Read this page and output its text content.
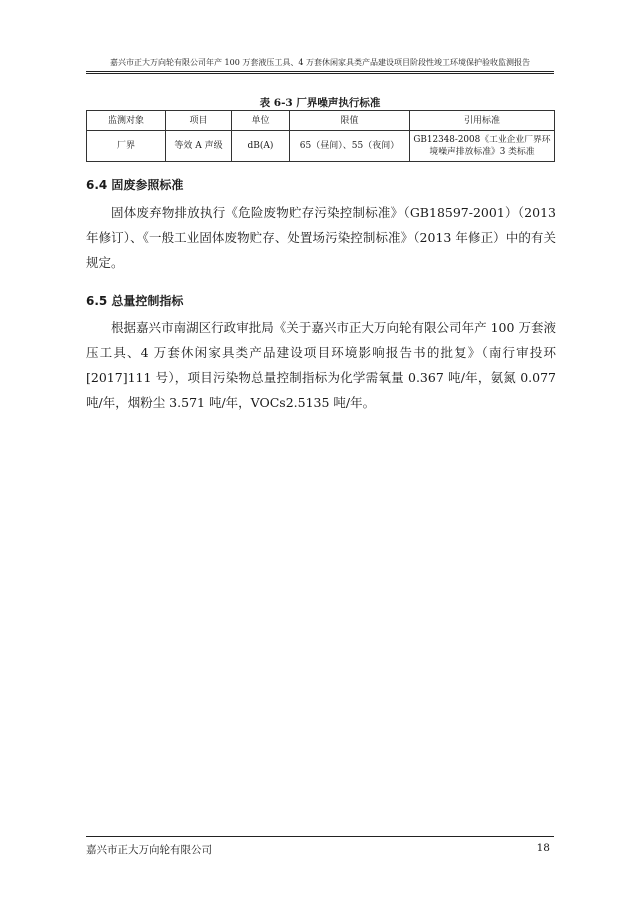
嘉兴市正大万向轮有限公司年产 100 万套液压工具、4 万套休闲家具类产品建设项目阶段性竣工环境保护验收监测报告
表 6-3 厂界噪声执行标准
监测对象	项目	单位	限值	引用标准
厂界	等效 A 声级	dB(A)	65（昼间）、55（夜间）	GB12348-2008《工业企业厂界环境噪声排放标准》3 类标准
6.4 固废参照标准
固体废弃物排放执行《危险废物贮存污染控制标准》（GB18597-2001）（2013 年修订）、《一般工业固体废物贮存、处置场污染控制标准》（2013 年修正）中的有关规定。
6.5 总量控制指标
根据嘉兴市南湖区行政审批局《关于嘉兴市正大万向轮有限公司年产 100 万套液压工具、4 万套休闲家具类产品建设项目环境影响报告书的批复》（南行审投环[2017]111 号），项目污染物总量控制指标为化学需氧量 0.367 吨/年，氨氮 0.077 吨/年，烟粉尘 3.571 吨/年，VOCs2.5135 吨/年。
嘉兴市正大万向轮有限公司	18
